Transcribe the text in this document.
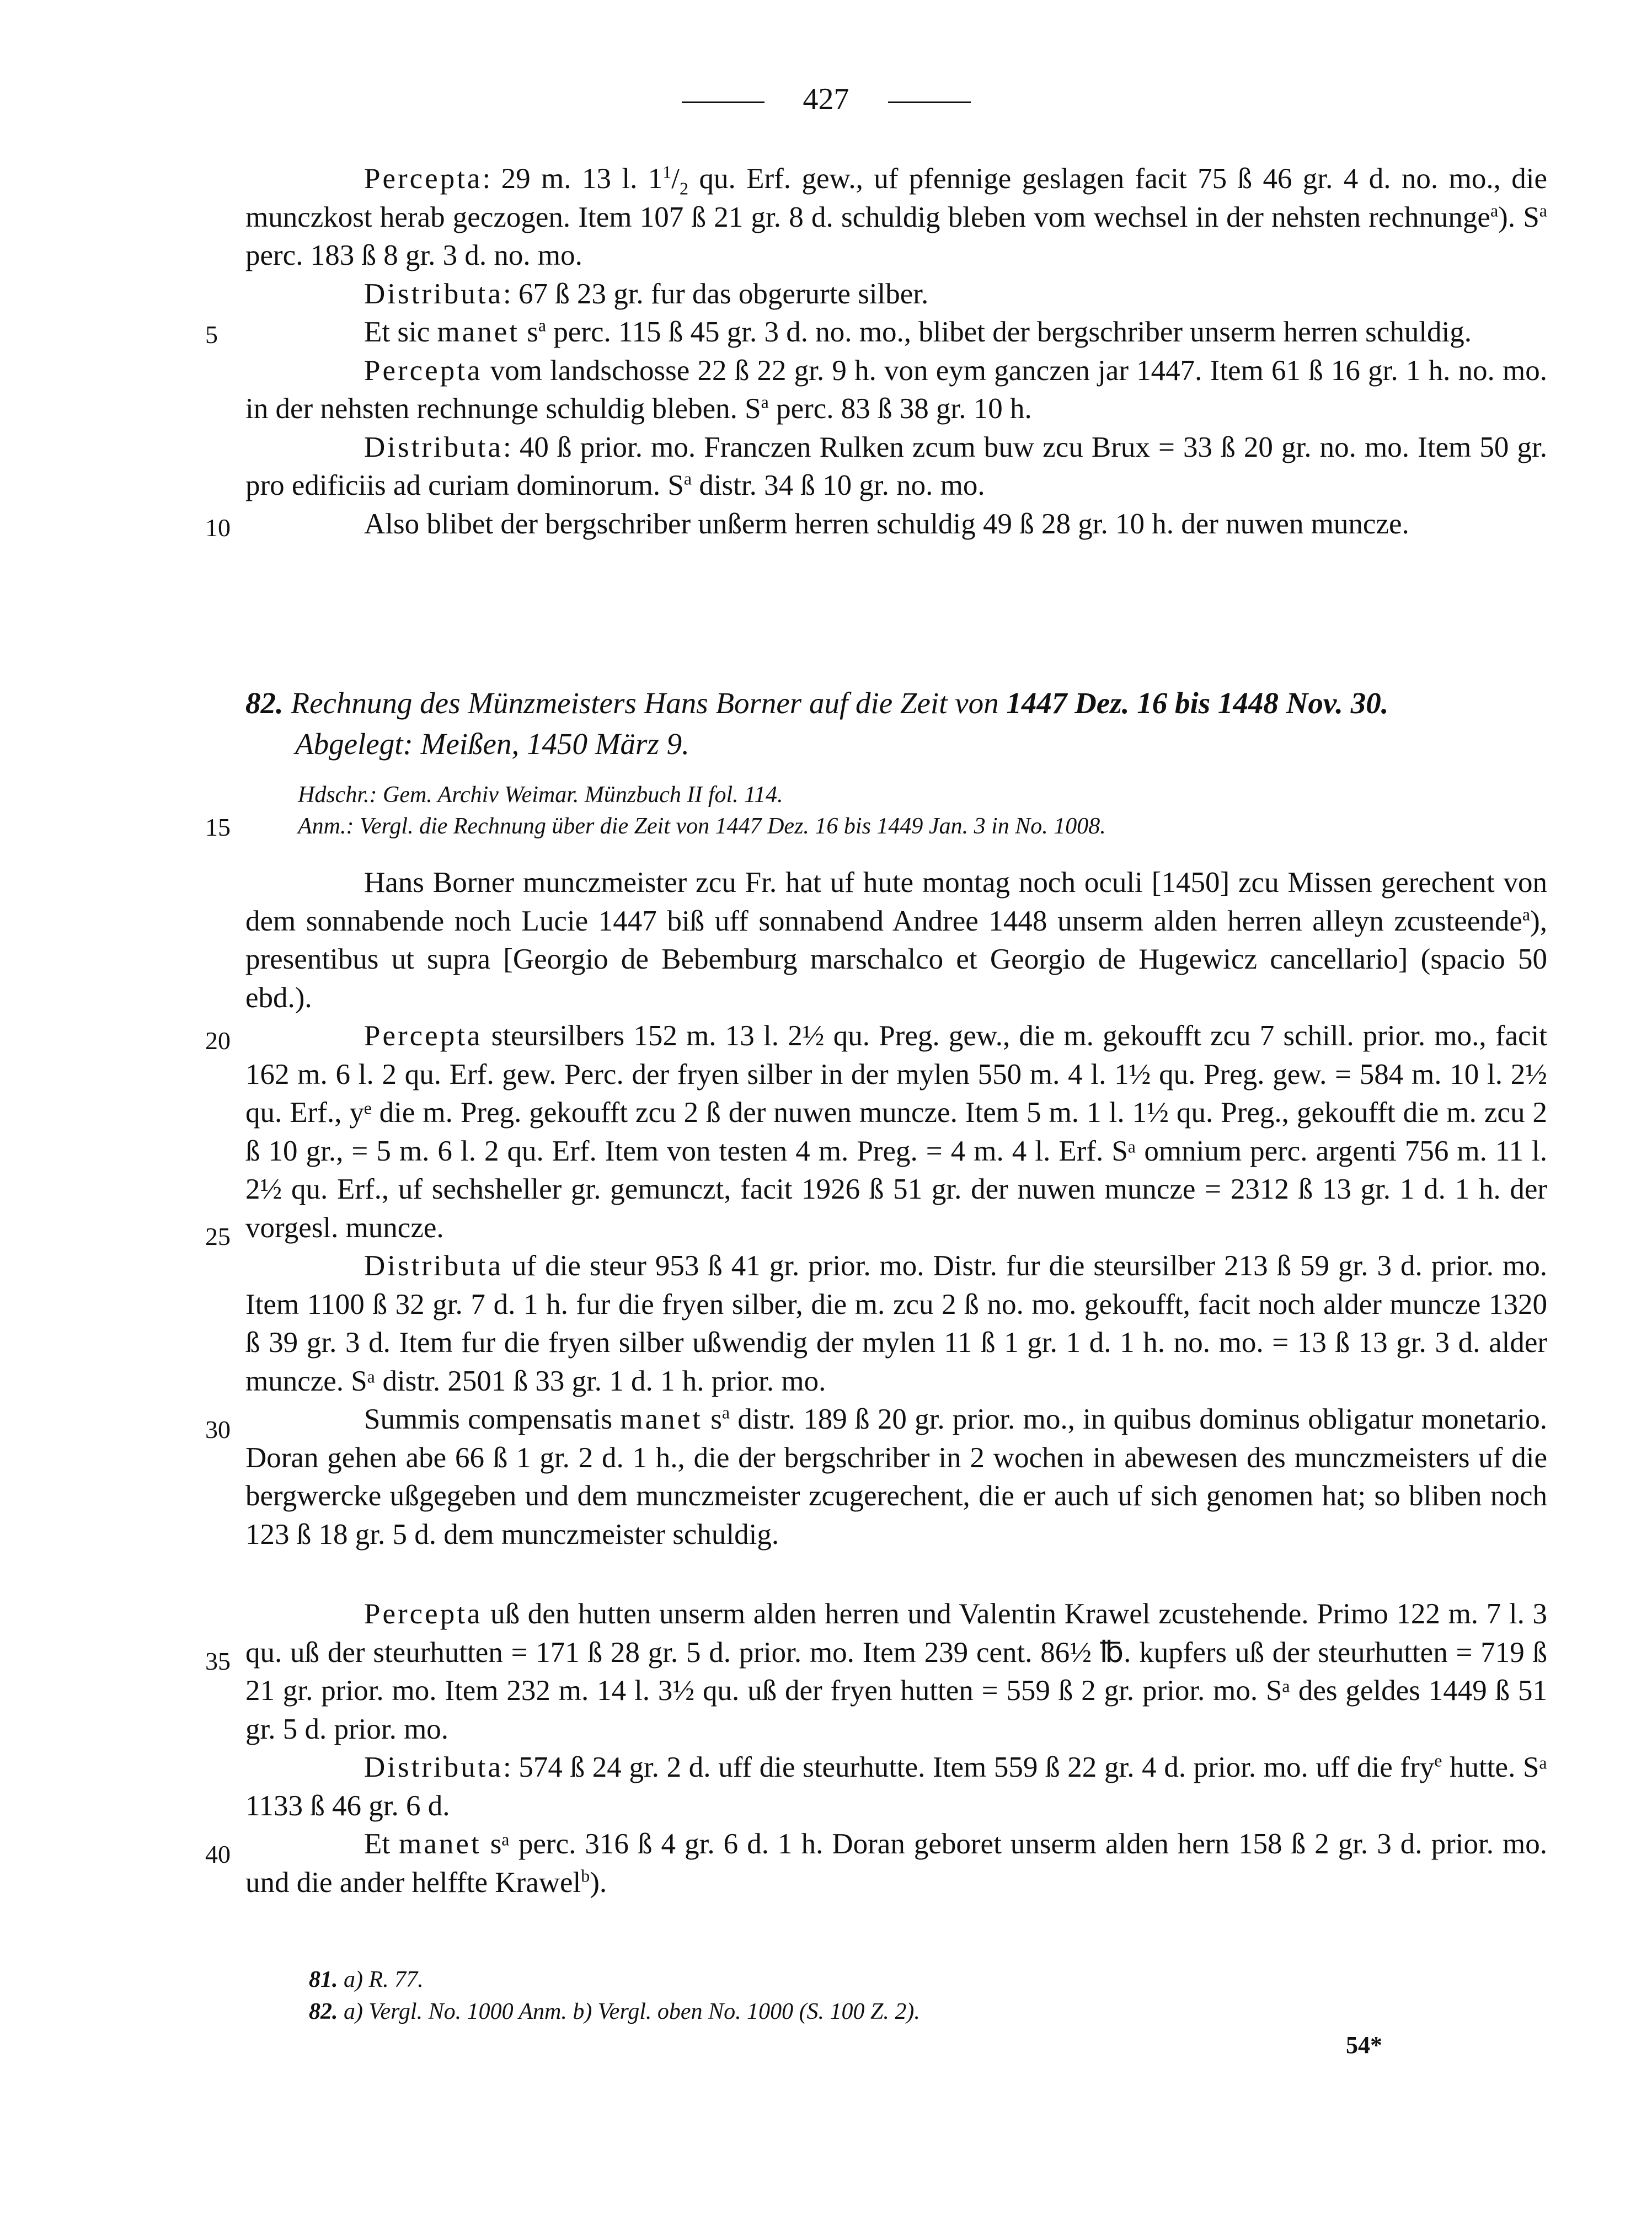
427

Percepta: 29 m. 13 l. $1^1/_2$ qu. Erf. gew., uf pfennige geslagen facit 75 ß 46 gr. 4 d. no. mo., die munczkost herab geczogen. Item 107 ß 21 gr. 8 d. schuldig bleben vom wechsel in der nehsten rechnunge$^a$). $S^a$ perc. 183 ß 8 gr. 3 d. no. mo.

Distributa: 67 ß 23 gr. fur das obgerurte silber.

Et sic manet $s^a$ perc. 115 ß 45 gr. 3 d. no. mo., blibet der bergschriber unserm herren schuldig.

Percepta vom landschosse 22 ß 22 gr. 9 h. von eym ganczen jar 1447. Item 61 ß 16 gr. 1 h. no. mo. in der nehsten rechnunge schuldig bleben. $S^a$ perc. 83 ß 38 gr. 10 h.

Distributa: 40 ß prior. mo. Franczen Rulken zcum buw zcu Brux = 33 ß 20 gr. no. mo. Item 50 gr. pro edificiis ad curiam dominorum. $S^a$ distr. 34 ß 10 gr. no. mo.

Also blibet der bergschriber unßerm herren schuldig 49 ß 28 gr. 10 h. der nuwen muncze.

5
10
82. Rechnung des Münzmeisters Hans Borner auf die Zeit von 1447 Dez. 16 bis 1448 Nov. 30.
Abgelegt: Meißen, 1450 März 9.
Hdschr.: Gem. Archiv Weimar. Münzbuch II fol. 114.
Anm.: Vergl. die Rechnung über die Zeit von 1447 Dez. 16 bis 1449 Jan. 3 in No. 1008.
15

Hans Borner munczmeister zcu Fr. hat uf hute montag noch oculi [1450] zcu Missen gerechent von dem sonnabende noch Lucie 1447 biß uff sonnabend Andree 1448 unserm alden herren alleyn zcusteende$^a$), presentibus ut supra [Georgio de Bebemburg marschalco et Georgio de Hugewicz cancellario] (spacio 50 ebd.).

Percepta steursilbers 152 m. 13 l. 2½ qu. Preg. gew., die m. gekoufft zcu 7 schill. prior. mo., facit 162 m. 6 l. 2 qu. Erf. gew. Perc. der fryen silber in der mylen 550 m. 4 l. 1½ qu. Preg. gew. = 584 m. 10 l. 2½ qu. Erf., yᵉ die m. Preg. gekoufft zcu 2 ß der nuwen muncze. Item 5 m. 1 l. 1½ qu. Preg., gekoufft die m. zcu 2 ß 10 gr., = 5 m. 6 l. 2 qu. Erf. Item von testen 4 m. Preg. = 4 m. 4 l. Erf. Sᵃ omnium perc. argenti 756 m. 11 l. 2½ qu. Erf., uf sechsheller gr. gemunczt, facit 1926 ß 51 gr. der nuwen muncze = 2312 ß 13 gr. 1 d. 1 h. der vorgesl. muncze.

Distributa uf die steur 953 ß 41 gr. prior. mo. Distr. fur die steursilber 213 ß 59 gr. 3 d. prior. mo. Item 1100 ß 32 gr. 7 d. 1 h. fur die fryen silber, die m. zcu 2 ß no. mo. gekoufft, facit noch alder muncze 1320 ß 39 gr. 3 d. Item fur die fryen silber ußwendig der mylen 11 ß 1 gr. 1 d. 1 h. no. mo. = 13 ß 13 gr. 3 d. alder muncze. Sᵃ distr. 2501 ß 33 gr. 1 d. 1 h. prior. mo.

Summis compensatis manet $s^a$ distr. 189 ß 20 gr. prior. mo., in quibus dominus obligatur monetario. Doran gehen abe 66 ß 1 gr. 2 d. 1 h., die der bergschriber in 2 wochen in abewesen des munczmeisters uf die bergwercke ußgegeben und dem munczmeister zcugerechent, die er auch uf sich genomen hat; so bliben noch 123 ß 18 gr. 5 d. dem munczmeister schuldig.

Percepta uß den hutten unserm alden herren und Valentin Krawel zcustehende. Primo 122 m. 7 l. 3 qu. uß der steurhutten = 171 ß 28 gr. 5 d. prior. mo. Item 239 cent. 86½ ℔. kupfers uß der steurhutten = 719 ß 21 gr. prior. mo. Item 232 m. 14 l. 3½ qu. uß der fryen hutten = 559 ß 2 gr. prior. mo. Sᵃ des geldes 1449 ß 51 gr. 5 d. prior. mo.

Distributa: 574 ß 24 gr. 2 d. uff die steurhutte. Item 559 ß 22 gr. 4 d. prior. mo. uff die fry$^e$ hutte. Sᵃ 1133 ß 46 gr. 6 d.

Et manet sᵃ perc. 316 ß 4 gr. 6 d. 1 h. Doran geboret unserm alden hern 158 ß 2 gr. 3 d. prior. mo. und die ander helffte Krawel$^b$).

20
25
30
35
40
81. a) R. 77.
82. a) Vergl. No. 1000 Anm. b) Vergl. oben No. 1000 (S. 100 Z. 2).
54*
